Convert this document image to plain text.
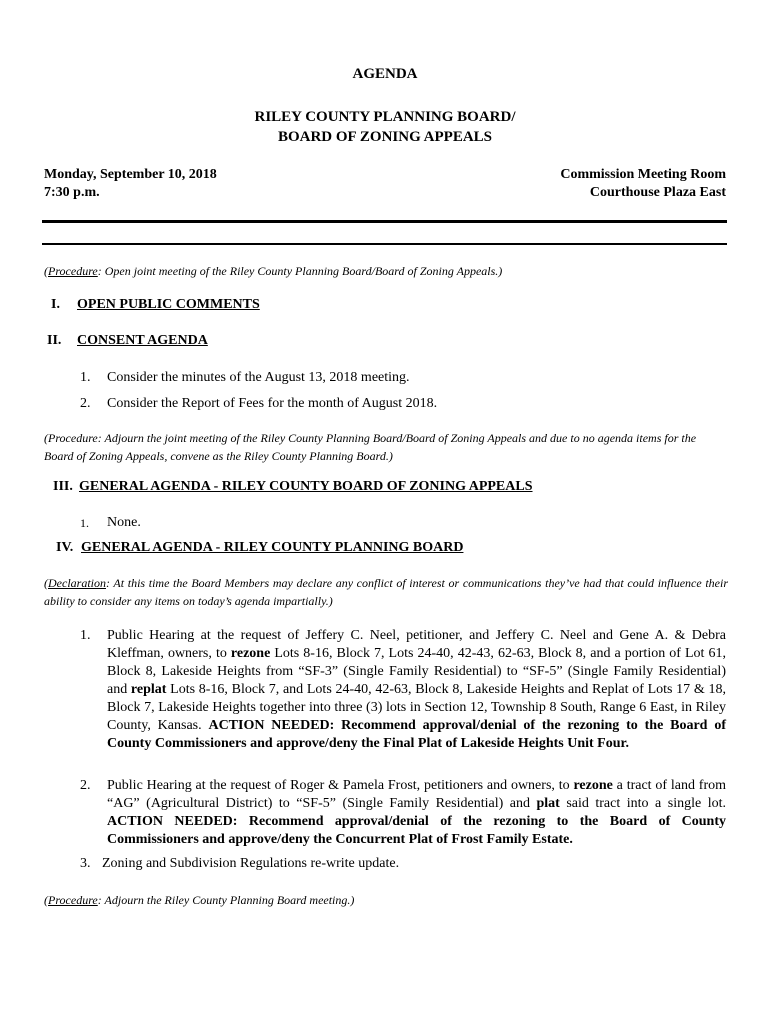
AGENDA
RILEY COUNTY PLANNING BOARD/
BOARD OF ZONING APPEALS
Monday, September 10, 2018
7:30 p.m.
Commission Meeting Room
Courthouse Plaza East
(Procedure: Open joint meeting of the Riley County Planning Board/Board of Zoning Appeals.)
I. OPEN PUBLIC COMMENTS
II. CONSENT AGENDA
1. Consider the minutes of the August 13, 2018 meeting.
2. Consider the Report of Fees for the month of August 2018.
(Procedure: Adjourn the joint meeting of the Riley County Planning Board/Board of Zoning Appeals and due to no agenda items for the Board of Zoning Appeals, convene as the Riley County Planning Board.)
III. GENERAL AGENDA - RILEY COUNTY BOARD OF ZONING APPEALS
1. None.
IV. GENERAL AGENDA - RILEY COUNTY PLANNING BOARD
(Declaration: At this time the Board Members may declare any conflict of interest or communications they’ve had that could influence their ability to consider any items on today’s agenda impartially.)
1. Public Hearing at the request of Jeffery C. Neel, petitioner, and Jeffery C. Neel and Gene A. & Debra Kleffman, owners, to rezone Lots 8-16, Block 7, Lots 24-40, 42-43, 62-63, Block 8, and a portion of Lot 61, Block 8, Lakeside Heights from “SF-3” (Single Family Residential) to “SF-5” (Single Family Residential) and replat Lots 8-16, Block 7, and Lots 24-40, 42-63, Block 8, Lakeside Heights and Replat of Lots 17 & 18, Block 7, Lakeside Heights together into three (3) lots in Section 12, Township 8 South, Range 6 East, in Riley County, Kansas. ACTION NEEDED: Recommend approval/denial of the rezoning to the Board of County Commissioners and approve/deny the Final Plat of Lakeside Heights Unit Four.
2. Public Hearing at the request of Roger & Pamela Frost, petitioners and owners, to rezone a tract of land from “AG” (Agricultural District) to “SF-5” (Single Family Residential) and plat said tract into a single lot. ACTION NEEDED: Recommend approval/denial of the rezoning to the Board of County Commissioners and approve/deny the Concurrent Plat of Frost Family Estate.
3. Zoning and Subdivision Regulations re-write update.
(Procedure: Adjourn the Riley County Planning Board meeting.)
